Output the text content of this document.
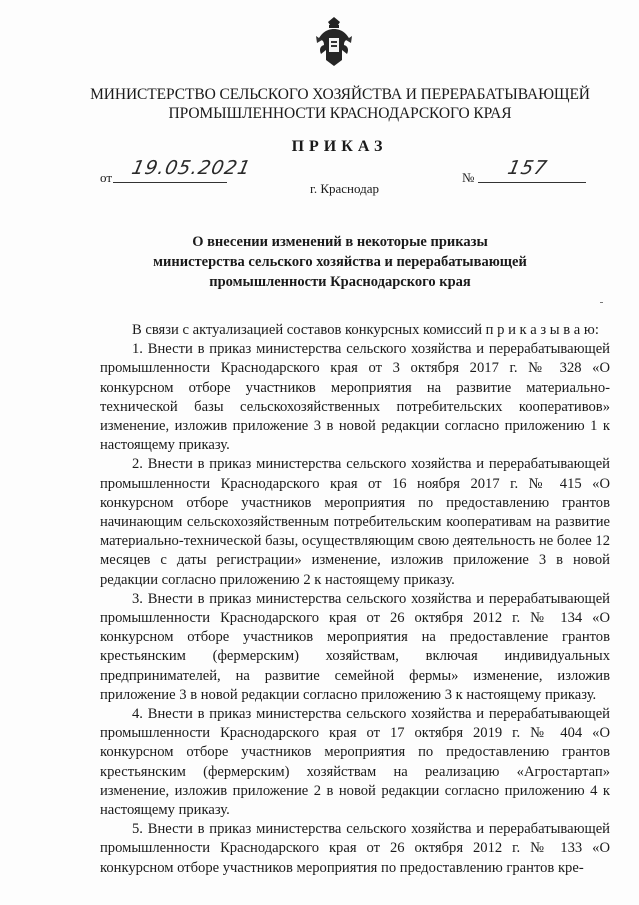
МИНИСТЕРСТВО СЕЛЬСКОГО ХОЗЯЙСТВА И ПЕРЕРАБАТЫВАЮЩЕЙ
ПРОМЫШЛЕННОСТИ КРАСНОДАРСКОГО КРАЯ
ПРИКАЗ
от 19.05.2021	№ 157
г. Краснодар
О внесении изменений в некоторые приказы
министерства сельского хозяйства и перерабатывающей
промышленности Краснодарского края

В связи с актуализацией составов конкурсных комиссий п р и к а з ы в а ю:

1. Внести в приказ министерства сельского хозяйства и перерабатывающей промышленности Краснодарского края от 3 октября 2017 г. № 328 «О конкурсном отборе участников мероприятия на развитие материально-технической базы сельскохозяйственных потребительских кооперативов» изменение, изложив приложение 3 в новой редакции согласно приложению 1 к настоящему приказу.

2. Внести в приказ министерства сельского хозяйства и перерабатывающей промышленности Краснодарского края от 16 ноября 2017 г. № 415 «О конкурсном отборе участников мероприятия по предоставлению грантов начинающим сельскохозяйственным потребительским кооперативам на развитие материально-технической базы, осуществляющим свою деятельность не более 12 месяцев с даты регистрации» изменение, изложив приложение 3 в новой редакции согласно приложению 2 к настоящему приказу.

3. Внести в приказ министерства сельского хозяйства и перерабатывающей промышленности Краснодарского края от 26 октября 2012 г. № 134 «О конкурсном отборе участников мероприятия на предоставление грантов крестьянским (фермерским) хозяйствам, включая индивидуальных предпринимателей, на развитие семейной фермы» изменение, изложив приложение 3 в новой редакции согласно приложению 3 к настоящему приказу.

4. Внести в приказ министерства сельского хозяйства и перерабатывающей промышленности Краснодарского края от 17 октября 2019 г. № 404 «О конкурсном отборе участников мероприятия по предоставлению грантов крестьянским (фермерским) хозяйствам на реализацию «Агростартап» изменение, изложив приложение 2 в новой редакции согласно приложению 4 к настоящему приказу.

5. Внести в приказ министерства сельского хозяйства и перерабатывающей промышленности Краснодарского края от 26 октября 2012 г. № 133 «О конкурсном отборе участников мероприятия по предоставлению грантов кре-
